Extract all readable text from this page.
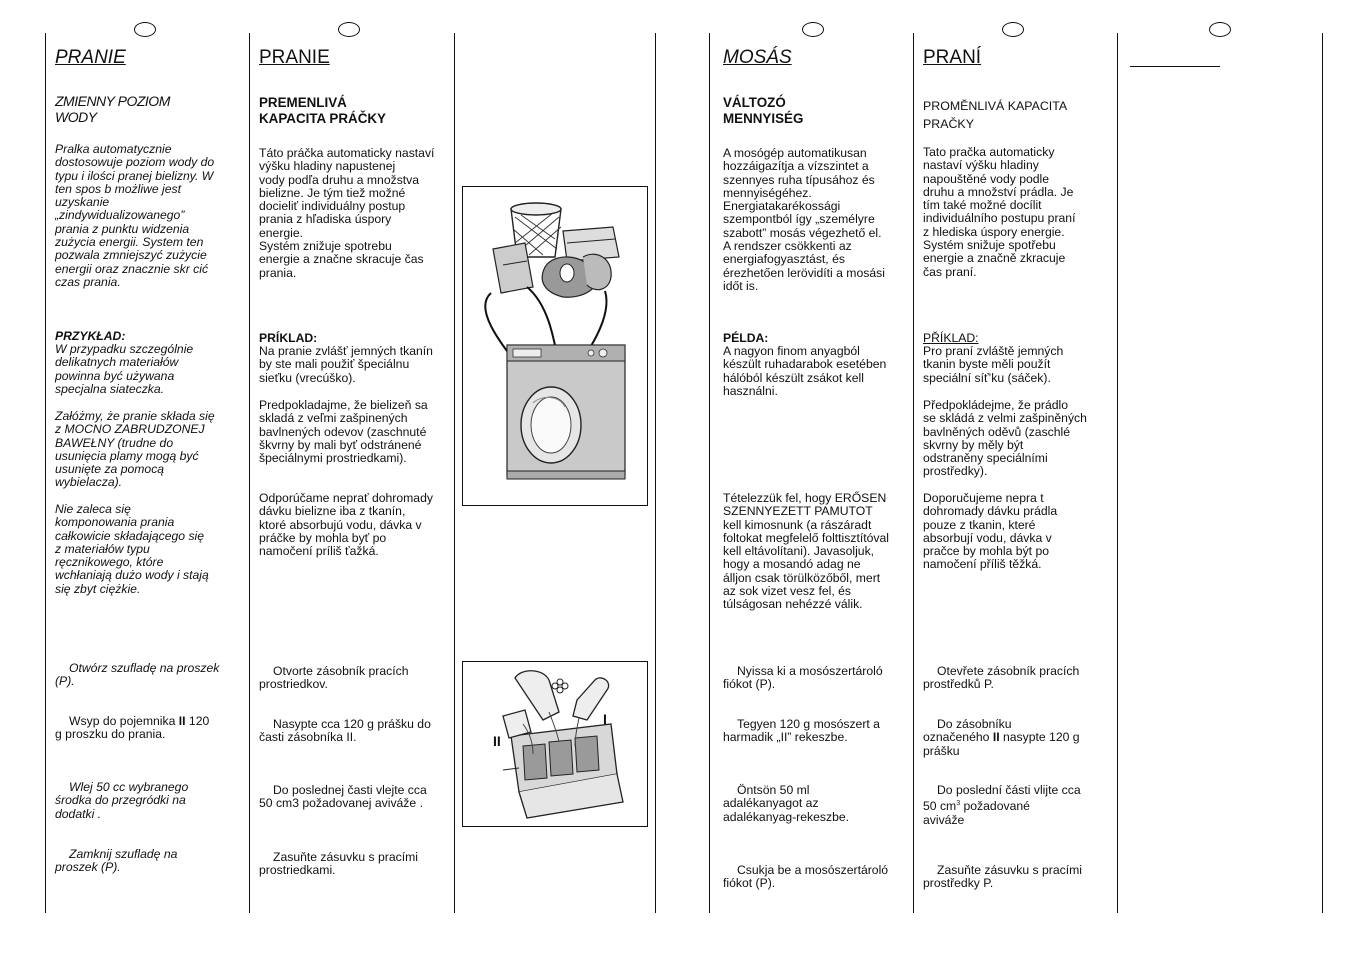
PRANIE

ZMIENNY POZIOM
WODY
Pralka automatycznie
dostosowuje poziom wody do
typu i ilości pranej bielizny. W
ten spos b możliwe jest
uzyskanie
„zindywidualizowanego”
prania z punktu widzenia
zużycia energii. System ten
pozwala zmniejszyć zużycie
energii oraz znacznie skr cić
czas prania.
PRZYKŁAD:
W przypadku szczególnie
delikatnych materiałów
powinna być używana
specjalna siateczka.
Załóżmy, że pranie składa się
z MOCNO ZABRUDZONEJ
BAWEŁNY (trudne do
usunięcia plamy mogą być
usunięte za pomocą
wybielacza).
Nie zaleca się
komponowania prania
całkowicie składającego się
z materiałów typu
ręcznikowego, które
wchłaniają dużo wody i stają
się zbyt ciężkie.
Otwórz szufladę na proszek
(P).
Wsyp do pojemnika II 120
g proszku do prania.
Wlej 50 cc wybranego
środka do przegródki na
dodatki .
Zamknij szufladę na
proszek (P).

PRANIE

PREMENLIVÁ
KAPACITA PRÁČKY
Táto práčka automaticky nastaví
výšku hladiny napustenej
vody podľa druhu a množstva
bielizne. Je tým tiež možné
docieliť individuálny postup
prania z hľadiska úspory
energie.
Systém znižuje spotrebu
energie a značne skracuje čas
prania.
PRÍKLAD:
Na pranie zvlášť jemných tkanín
by ste mali použiť špeciálnu
sieťku (vrecúško).
Predpokladajme, že bielizeň sa
skladá z veľmi zašpinených
bavlnených odevov (zaschnuté
škvrny by mali byť odstránené
špeciálnymi prostriedkami).
Odporúčame neprať dohromady
dávku bielizne iba z tkanín,
ktoré absorbujú vodu, dávka v
práčke by mohla byť po
namočení príliš ťažká.
Otvorte zásobník pracích
prostriedkov.
Nasypte cca 120 g prášku do
časti zásobníka II.
Do poslednej časti vlejte cca
50 cm3 požadovanej aviváže .
Zasuňte zásuvku s pracími
prostriedkami.
I
II

MOSÁS

VÁLTOZÓ
MENNYISÉG
A mosógép automatikusan
hozzáigazítja a vízszintet a
szennyes ruha típusához és
mennyiségéhez.
Energiatakarékossági
szempontból így „személyre
szabott” mosás végezhető el.
A rendszer csökkenti az
energiafogyasztást, és
érezhetően lerövidíti a mosási
időt is.
PÉLDA:
A nagyon finom anyagból
készült ruhadarabok esetében
hálóból készült zsákot kell
használni.
Tételezzük fel, hogy ERŐSEN
SZENNYEZETT PAMUTOT
kell kimosnunk (a rászáradt
foltokat megfelelő folttisztítóval
kell eltávolítani). Javasoljuk,
hogy a mosandó adag ne
álljon csak törülközőből, mert
az sok vizet vesz fel, és
túlságosan nehézzé válik.
Nyissa ki a mosószertároló
fiókot (P).
Tegyen 120 g mosószert a
harmadik „II” rekeszbe.
Öntsön 50 ml
adalékanyagot az
adalékanyag-rekeszbe.
Csukja be a mosószertároló
fiókot (P).

PRANÍ

PROMĚNLIVÁ KAPACITA
PRAČKY
Tato pračka automaticky
nastaví výšku hladiny
napouštěné vody podle
druhu a množství prádla. Je
tím také možné docílit
individuálního postupu praní
z hlediska úspory energie.
Systém snižuje spotřebu
energie a značně zkracuje
čas praní.
PŘÍKLAD:
Pro praní zvláště jemných
tkanin byste měli použít
speciální síť’ku (sáček).
Předpokládejme, že prádlo
se skládá z velmi zašpiněných
bavlněných oděvů (zaschlé
skvrny by měly být
odstraněny speciálními
prostředky).
Doporučujeme nepra t
dohromady dávku prádla
pouze z tkanin, které
absorbují vodu, dávka v
pračce by mohla být po
namočení příliš těžká.
Otevřete zásobník pracích
prostředků P.
Do zásobníku
označeného II nasypte 120 g
prášku
Do poslední části vlijte cca
50 $cm^3$ požadované
aviváže
Zasuňte zásuvku s pracími
prostředky P.
